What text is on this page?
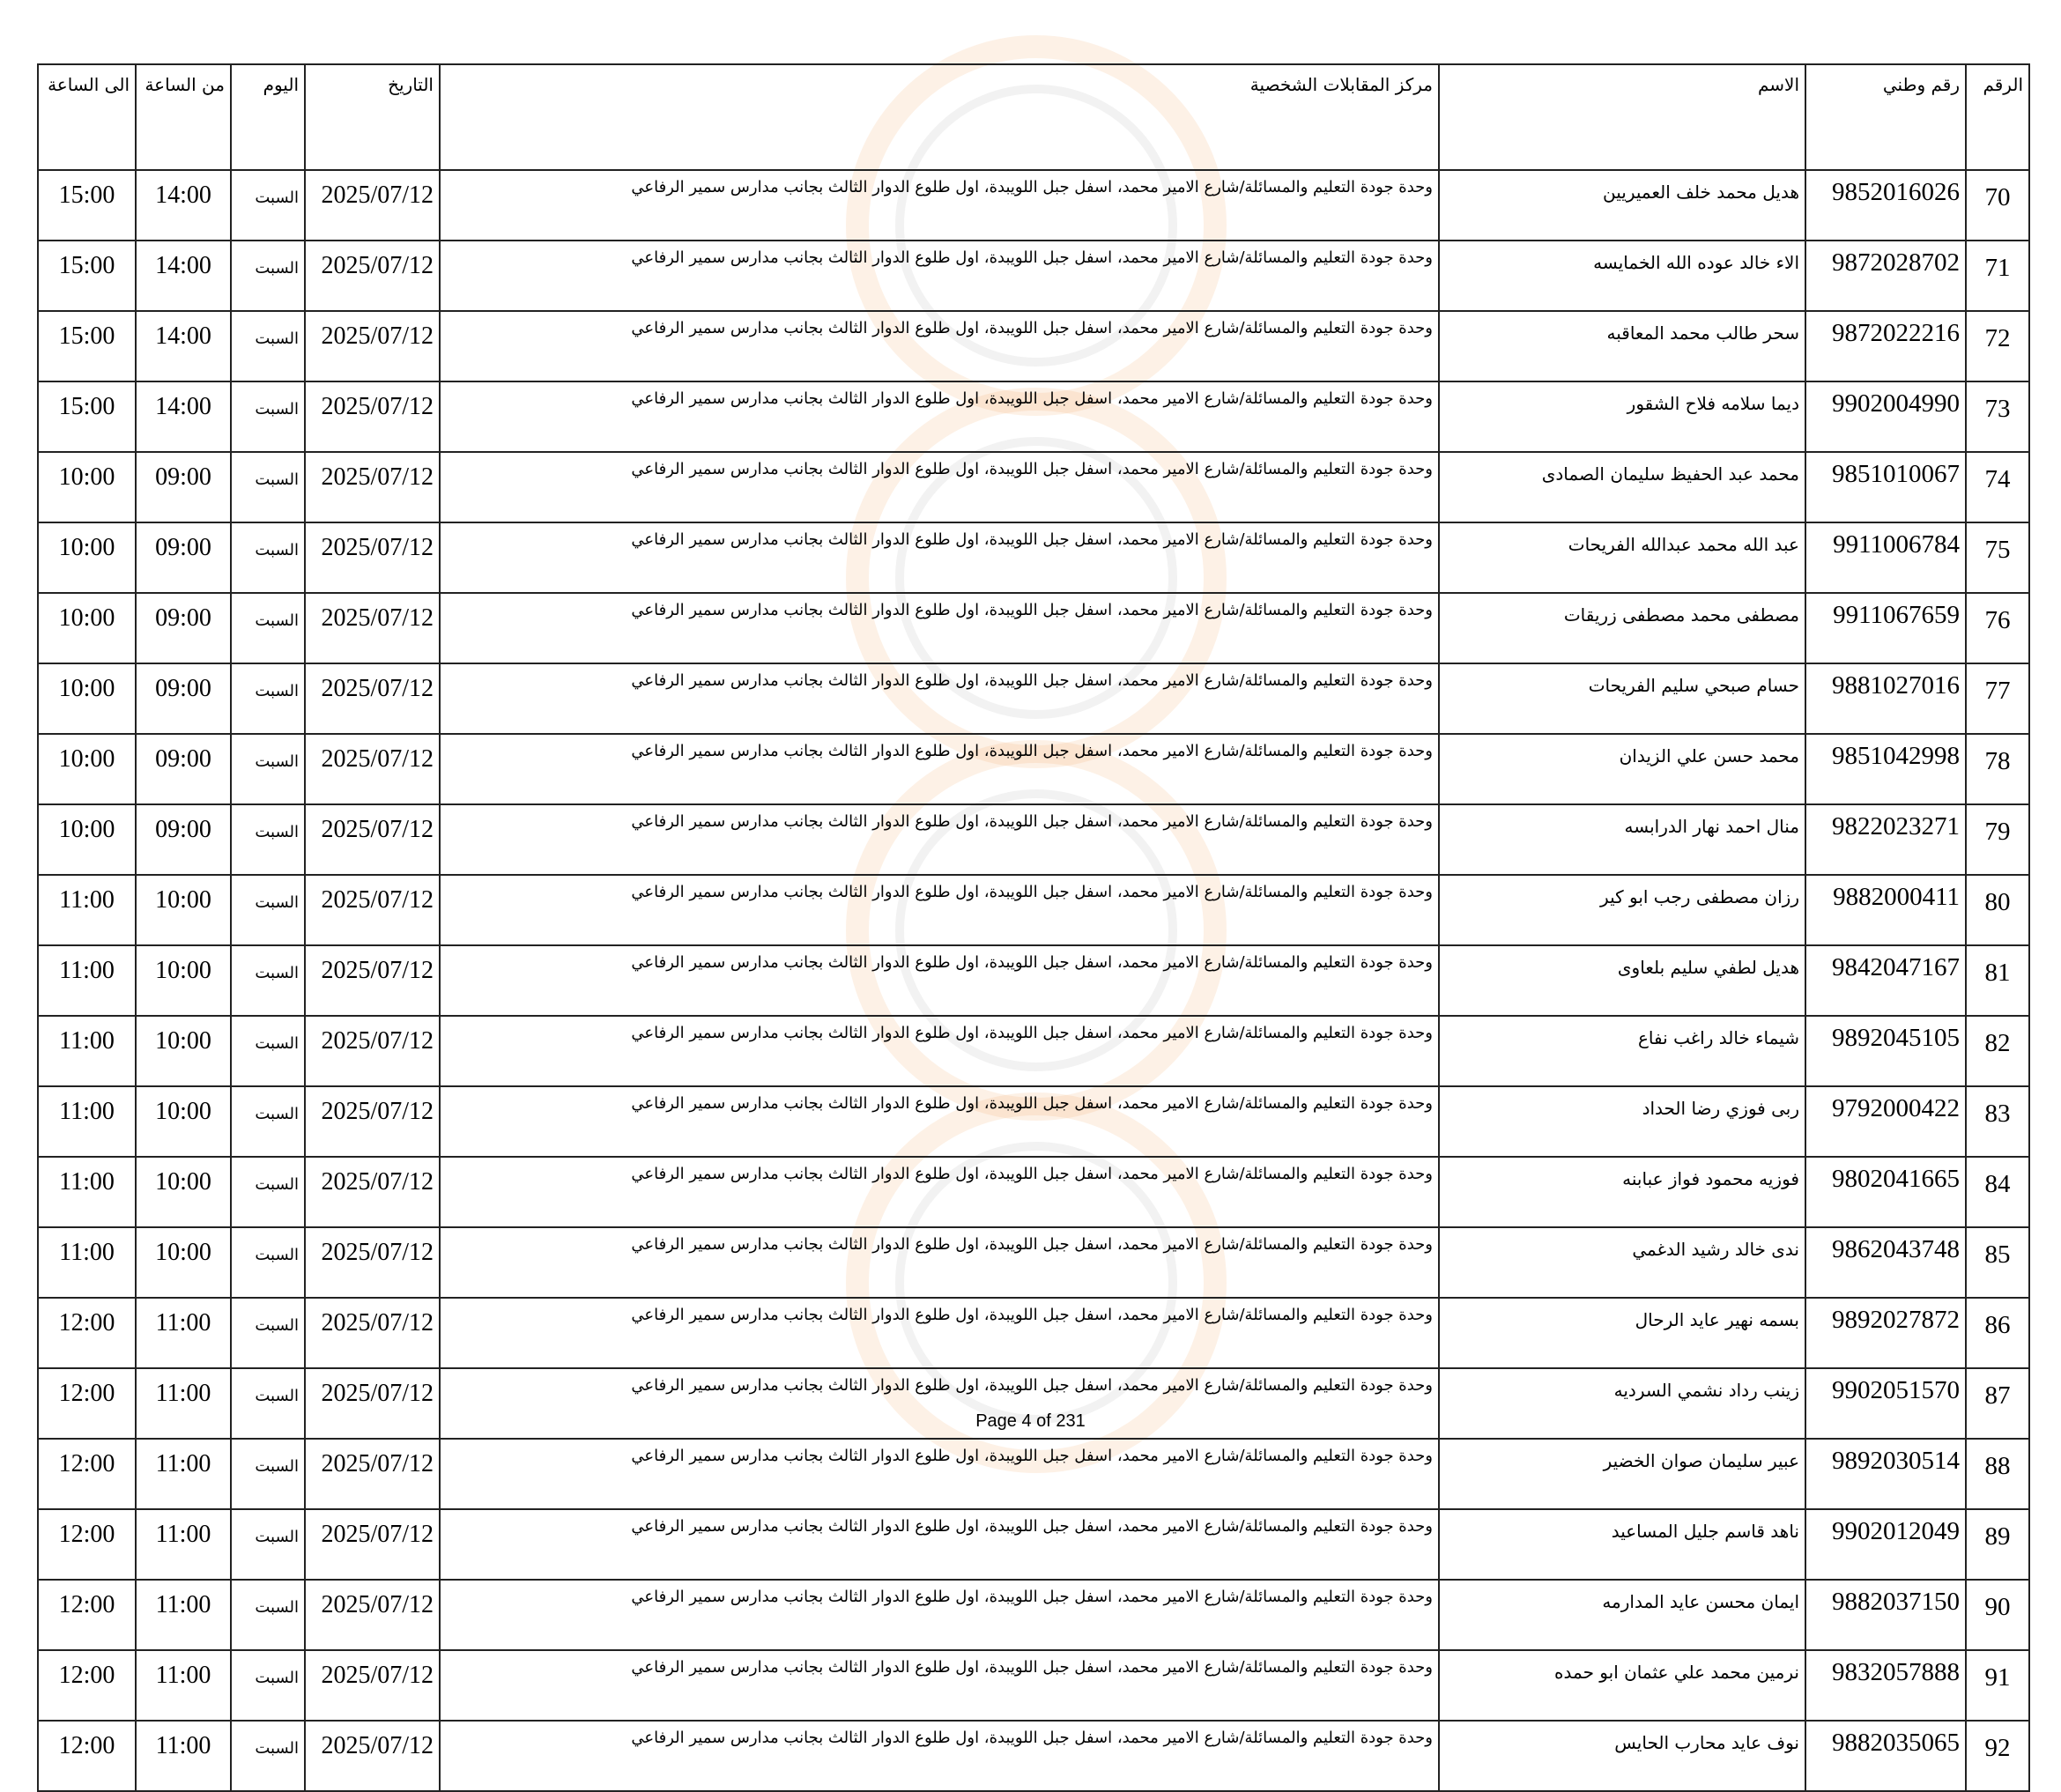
الرقم	رقم وطني	الاسم	مركز المقابلات الشخصية	التاريخ	اليوم	من الساعة	الى الساعة
70	9852016026	هديل محمد خلف العميريين	وحدة جودة التعليم والمسائلة/شارع الامير محمد، اسفل جبل اللويبدة، اول طلوع الدوار الثالث بجانب مدارس سمير الرفاعي	2025/07/12	السبت	14:00	15:00
71	9872028702	الاء خالد عوده الله الخمايسه	وحدة جودة التعليم والمسائلة/شارع الامير محمد، اسفل جبل اللويبدة، اول طلوع الدوار الثالث بجانب مدارس سمير الرفاعي	2025/07/12	السبت	14:00	15:00
72	9872022216	سحر طالب محمد المعاقبه	وحدة جودة التعليم والمسائلة/شارع الامير محمد، اسفل جبل اللويبدة، اول طلوع الدوار الثالث بجانب مدارس سمير الرفاعي	2025/07/12	السبت	14:00	15:00
73	9902004990	ديما سلامه فلاح الشقور	وحدة جودة التعليم والمسائلة/شارع الامير محمد، اسفل جبل اللويبدة، اول طلوع الدوار الثالث بجانب مدارس سمير الرفاعي	2025/07/12	السبت	14:00	15:00
74	9851010067	محمد عبد الحفيظ سليمان الصمادى	وحدة جودة التعليم والمسائلة/شارع الامير محمد، اسفل جبل اللويبدة، اول طلوع الدوار الثالث بجانب مدارس سمير الرفاعي	2025/07/12	السبت	09:00	10:00
75	9911006784	عبد الله محمد عبدالله الفريحات	وحدة جودة التعليم والمسائلة/شارع الامير محمد، اسفل جبل اللويبدة، اول طلوع الدوار الثالث بجانب مدارس سمير الرفاعي	2025/07/12	السبت	09:00	10:00
76	9911067659	مصطفى محمد مصطفى زريقات	وحدة جودة التعليم والمسائلة/شارع الامير محمد، اسفل جبل اللويبدة، اول طلوع الدوار الثالث بجانب مدارس سمير الرفاعي	2025/07/12	السبت	09:00	10:00
77	9881027016	حسام صبحي سليم الفريحات	وحدة جودة التعليم والمسائلة/شارع الامير محمد، اسفل جبل اللويبدة، اول طلوع الدوار الثالث بجانب مدارس سمير الرفاعي	2025/07/12	السبت	09:00	10:00
78	9851042998	محمد حسن علي الزيدان	وحدة جودة التعليم والمسائلة/شارع الامير محمد، اسفل جبل اللويبدة، اول طلوع الدوار الثالث بجانب مدارس سمير الرفاعي	2025/07/12	السبت	09:00	10:00
79	9822023271	منال احمد نهار الدرابسه	وحدة جودة التعليم والمسائلة/شارع الامير محمد، اسفل جبل اللويبدة، اول طلوع الدوار الثالث بجانب مدارس سمير الرفاعي	2025/07/12	السبت	09:00	10:00
80	9882000411	رزان مصطفى رجب ابو كير	وحدة جودة التعليم والمسائلة/شارع الامير محمد، اسفل جبل اللويبدة، اول طلوع الدوار الثالث بجانب مدارس سمير الرفاعي	2025/07/12	السبت	10:00	11:00
81	9842047167	هديل لطفي سليم بلعاوى	وحدة جودة التعليم والمسائلة/شارع الامير محمد، اسفل جبل اللويبدة، اول طلوع الدوار الثالث بجانب مدارس سمير الرفاعي	2025/07/12	السبت	10:00	11:00
82	9892045105	شيماء خالد راغب نفاع	وحدة جودة التعليم والمسائلة/شارع الامير محمد، اسفل جبل اللويبدة، اول طلوع الدوار الثالث بجانب مدارس سمير الرفاعي	2025/07/12	السبت	10:00	11:00
83	9792000422	ربى فوزي رضا الحداد	وحدة جودة التعليم والمسائلة/شارع الامير محمد، اسفل جبل اللويبدة، اول طلوع الدوار الثالث بجانب مدارس سمير الرفاعي	2025/07/12	السبت	10:00	11:00
84	9802041665	فوزيه محمود فواز عبابنه	وحدة جودة التعليم والمسائلة/شارع الامير محمد، اسفل جبل اللويبدة، اول طلوع الدوار الثالث بجانب مدارس سمير الرفاعي	2025/07/12	السبت	10:00	11:00
85	9862043748	ندى خالد رشيد الدغمي	وحدة جودة التعليم والمسائلة/شارع الامير محمد، اسفل جبل اللويبدة، اول طلوع الدوار الثالث بجانب مدارس سمير الرفاعي	2025/07/12	السبت	10:00	11:00
86	9892027872	بسمه نهير عايد الرحال	وحدة جودة التعليم والمسائلة/شارع الامير محمد، اسفل جبل اللويبدة، اول طلوع الدوار الثالث بجانب مدارس سمير الرفاعي	2025/07/12	السبت	11:00	12:00
87	9902051570	زينب رداد نشمي السرديه	وحدة جودة التعليم والمسائلة/شارع الامير محمد، اسفل جبل اللويبدة، اول طلوع الدوار الثالث بجانب مدارس سمير الرفاعي	2025/07/12	السبت	11:00	12:00
88	9892030514	عبير سليمان صوان الخضير	وحدة جودة التعليم والمسائلة/شارع الامير محمد، اسفل جبل اللويبدة، اول طلوع الدوار الثالث بجانب مدارس سمير الرفاعي	2025/07/12	السبت	11:00	12:00
89	9902012049	ناهد قاسم جليل المساعيد	وحدة جودة التعليم والمسائلة/شارع الامير محمد، اسفل جبل اللويبدة، اول طلوع الدوار الثالث بجانب مدارس سمير الرفاعي	2025/07/12	السبت	11:00	12:00
90	9882037150	ايمان محسن عايد المدارمه	وحدة جودة التعليم والمسائلة/شارع الامير محمد، اسفل جبل اللويبدة، اول طلوع الدوار الثالث بجانب مدارس سمير الرفاعي	2025/07/12	السبت	11:00	12:00
91	9832057888	نرمين محمد علي عثمان ابو حمده	وحدة جودة التعليم والمسائلة/شارع الامير محمد، اسفل جبل اللويبدة، اول طلوع الدوار الثالث بجانب مدارس سمير الرفاعي	2025/07/12	السبت	11:00	12:00
92	9882035065	نوف عايد محارب الحايس	وحدة جودة التعليم والمسائلة/شارع الامير محمد، اسفل جبل اللويبدة، اول طلوع الدوار الثالث بجانب مدارس سمير الرفاعي	2025/07/12	السبت	11:00	12:00
Page 4 of 231
